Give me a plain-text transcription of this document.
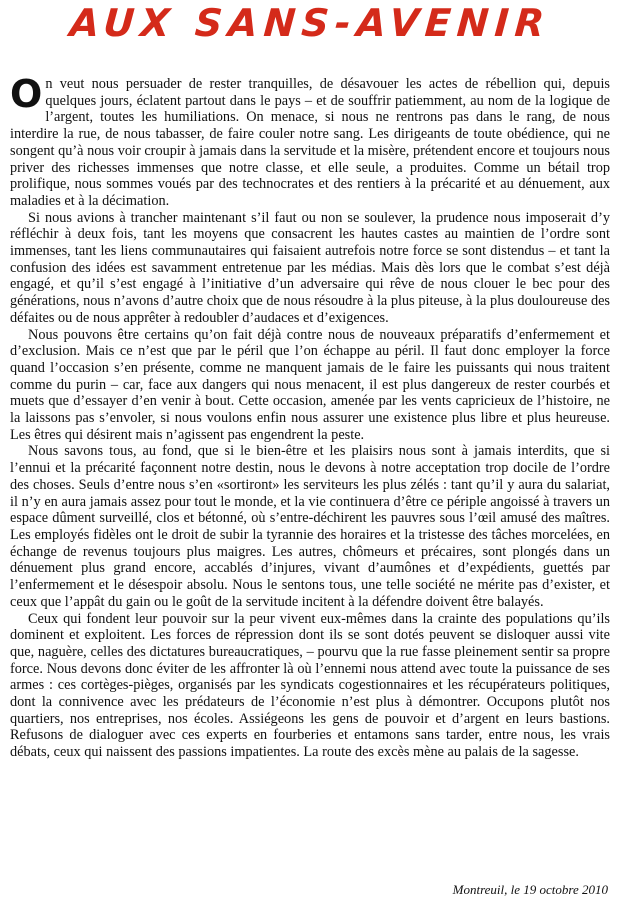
AUX SANS-AVENIR

On veut nous persuader de rester tranquilles, de désavouer les actes de rébellion qui, depuis quelques jours, éclatent partout dans le pays – et de souffrir patiemment, au nom de la logique de l’argent, toutes les humiliations. On menace, si nous ne rentrons pas dans le rang, de nous interdire la rue, de nous tabasser, de faire couler notre sang. Les dirigeants de toute obédience, qui ne songent qu’à nous voir croupir à jamais dans la servitude et la misère, prétendent encore et toujours nous priver des richesses immenses que notre classe, et elle seule, a produites. Comme un bétail trop prolifique, nous sommes voués par des technocrates et des rentiers à la précarité et au dénuement, aux maladies et à la décimation.

Si nous avions à trancher maintenant s’il faut ou non se soulever, la prudence nous imposerait d’y réfléchir à deux fois, tant les moyens que consacrent les hautes castes au maintien de l’ordre sont immenses, tant les liens communautaires qui faisaient autrefois notre force se sont distendus – et tant la confusion des idées est savamment entretenue par les médias. Mais dès lors que le combat s’est déjà engagé, et qu’il s’est engagé à l’initiative d’un adversaire qui rêve de nous clouer le bec pour des générations, nous n’avons d’autre choix que de nous résoudre à la plus piteuse, à la plus douloureuse des défaites ou de nous apprêter à redoubler d’audaces et d’exigences.

Nous pouvons être certains qu’on fait déjà contre nous de nouveaux préparatifs d’enfermement et d’exclusion. Mais ce n’est que par le péril que l’on échappe au péril. Il faut donc employer la force quand l’occasion s’en présente, comme ne manquent jamais de le faire les puissants qui nous traitent comme du purin – car, face aux dangers qui nous menacent, il est plus dangereux de rester courbés et muets que d’essayer d’en venir à bout. Cette occasion, amenée par les vents capricieux de l’histoire, ne la laissons pas s’envoler, si nous voulons enfin nous assurer une existence plus libre et plus heureuse. Les êtres qui désirent mais n’agissent pas engendrent la peste.

Nous savons tous, au fond, que si le bien-être et les plaisirs nous sont à jamais interdits, que si l’ennui et la précarité façonnent notre destin, nous le devons à notre acceptation trop docile de l’ordre des choses. Seuls d’entre nous s’en «sortiront» les serviteurs les plus zélés : tant qu’il y aura du salariat, il n’y en aura jamais assez pour tout le monde, et la vie continuera d’être ce périple angoissé à travers un espace dûment surveillé, clos et bétonné, où s’entre-déchirent les pauvres sous l’œil amusé des maîtres. Les employés fidèles ont le droit de subir la tyrannie des horaires et la tristesse des tâches morcelées, en échange de revenus toujours plus maigres. Les autres, chômeurs et précaires, sont plongés dans un dénuement plus grand encore, accablés d’injures, vivant d’aumônes et d’expédients, guettés par l’enfermement et le désespoir absolu. Nous le sentons tous, une telle société ne mérite pas d’exister, et ceux que l’appât du gain ou le goût de la servitude incitent à la défendre doivent être balayés.

Ceux qui fondent leur pouvoir sur la peur vivent eux-mêmes dans la crainte des populations qu’ils dominent et exploitent. Les forces de répression dont ils se sont dotés peuvent se disloquer aussi vite que, naguère, celles des dictatures bureaucratiques, – pourvu que la rue fasse pleinement sentir sa propre force. Nous devons donc éviter de les affronter là où l’ennemi nous attend avec toute la puissance de ses armes : ces cortèges-pièges, organisés par les syndicats cogestionnaires et les récupérateurs politiques, dont la connivence avec les prédateurs de l’économie n’est plus à démontrer. Occupons plutôt nos quartiers, nos entreprises, nos écoles. Assiégeons les gens de pouvoir et d’argent en leurs bastions. Refusons de dialoguer avec ces experts en fourberies et entamons sans tarder, entre nous, les vrais débats, ceux qui naissent des passions impatientes. La route des excès mène au palais de la sagesse.

Montreuil, le 19 octobre 2010
